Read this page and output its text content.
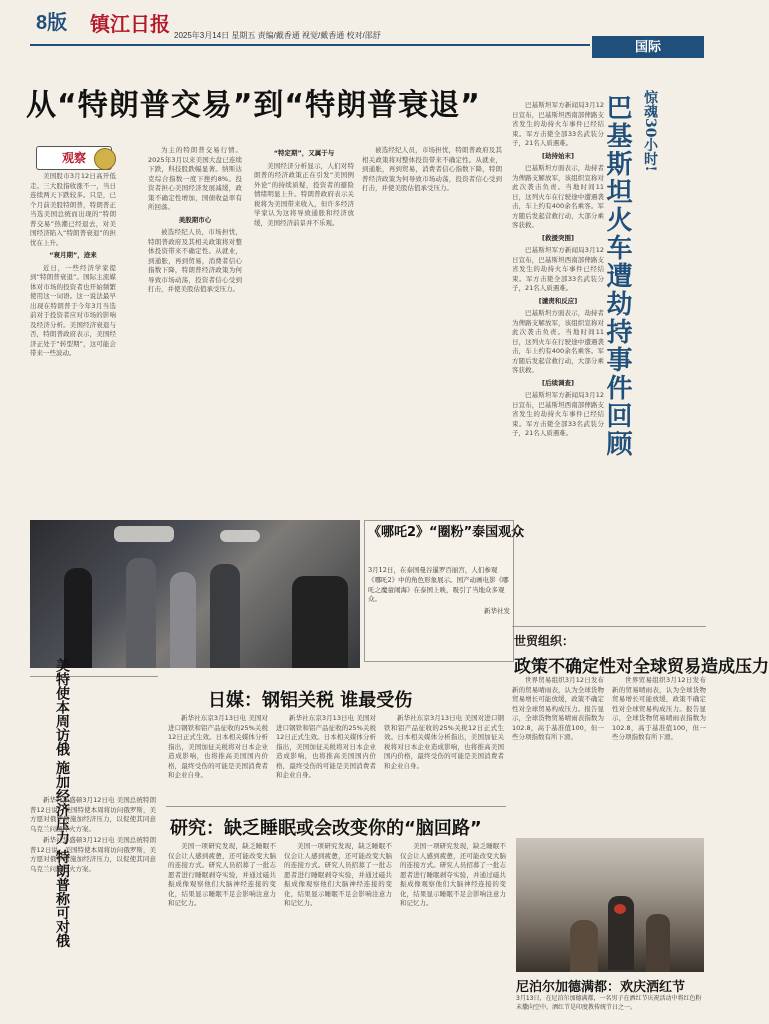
8版 镇江日报 2025年3月14日 星期五 责编/戴香通 视觉/戴香通 校对/邵舒
国际
从“特朗普交易”到“特朗普衰退”
观察

美国股市3月12日高开低走。三大股指收涨不一，当日连续两天下跌较多。只是，已个月前美股特朗普，特朗普正当选美国总统而出现的“特朗普交易”热潮已经退去，对美国经济陷入“特朗普衰退”的担忧在上升。

“衰月期”，迹来

近日，一些经济学家提到“特朗普衰退”。国际主流媒体对市场的投资者也开始频繁使用这一词语。这一说法最早出现在特朗普于今年3月当选前对于投资者应对市场的影响及经济分析。美国经济衰退与否，特朗普政府表示，美国经济正处于“转型期”，这可能会带来一些波动。

为主的特朗普交易行情。2025年3月以来美国大盘已连续下跌，科技股跌幅显著。纳斯达克综合指数一度下挫约8%。投资者担心美国经济发展减缓，政策不确定性增加，国债收益率有所回落。

美股期市心

被选经纪人员，市场担忧，特朗普政府及其相关政策将对整体投资带来不确定性。从就业，到通胀，再到贸易，消费者信心指数下降，特朗普经济政策为何导致市场动荡，投资者信心受到打击，并使美股估值承受压力。

“特定期”，又属于与

美国经济分析显示，人们对特朗普的经济政策正在引发“美国例外论”的持续质疑，投资者的避险情绪明显上升。特朗普政府表示关税将为美国带来收入，但许多经济学家认为这将导致通胀和经济放缓，美国经济前景并不乐观。

被选经纪人员，市场担忧，特朗普政府及其相关政策将对整体投资带来不确定性。从就业，到通胀，再到贸易，消费者信心指数下降，特朗普经济政策为何导致市场动荡，投资者信心受到打击，并使美股估值承受压力。

《哪吒2》“圈粉”泰国观众
3月12日，在泰国曼谷暹罗百丽宫，人们参观《哪吒2》中的角色形象展示。国产动画电影《哪吒之魔童闹海》在泰国上映，吸引了当地众多观众。
新华社发
巴基斯坦火车遭劫持事件回顾 惊魂30小时!

巴基斯坦军方新闻局3月12日宣布，巴基斯坦西南部俾路支省发生的劫持火车事件已经结束。军方击毙全部33名武装分子，21名人质遇难。

[劫持始末]

巴基斯坦方面表示，劫持者为俾路支解放军，该组织宣称对此次袭击负责。当地时间11日，这列火车在行驶途中遭遇袭击，车上约有400余名乘客。军方随后发起营救行动，大部分乘客获救。

[救援突围]

巴基斯坦军方新闻局3月12日宣布，巴基斯坦西南部俾路支省发生的劫持火车事件已经结束。军方击毙全部33名武装分子，21名人质遇难。

[谴责和反应]

巴基斯坦方面表示，劫持者为俾路支解放军，该组织宣称对此次袭击负责。当地时间11日，这列火车在行驶途中遭遇袭击，车上约有400余名乘客。军方随后发起营救行动，大部分乘客获救。

[后续调查]

巴基斯坦军方新闻局3月12日宣布，巴基斯坦西南部俾路支省发生的劫持火车事件已经结束。军方击毙全部33名武装分子，21名人质遇难。

世贸组织：
政策不确定性对全球贸易造成压力

世界贸易组织3月12日发布新的贸易晴雨表，认为全球货物贸易增长可能放缓，政策不确定性对全球贸易构成压力。报告显示，全球货物贸易晴雨表指数为102.8，高于基准值100，但一些分项指数有所下滑。

世界贸易组织3月12日发布新的贸易晴雨表，认为全球货物贸易增长可能放缓，政策不确定性对全球贸易构成压力。报告显示，全球货物贸易晴雨表指数为102.8，高于基准值100，但一些分项指数有所下滑。

美特使本周访俄 施加经济压力 特朗普称可对俄

新华社华盛顿3月12日电 美国总统特朗普12日说，美国特使本周将访问俄罗斯，美方愿对俄罗斯施加经济压力，以促使其同意乌克兰问题停火方案。

新华社华盛顿3月12日电 美国总统特朗普12日说，美国特使本周将访问俄罗斯，美方愿对俄罗斯施加经济压力，以促使其同意乌克兰问题停火方案。

日媒：钢铝关税 谁最受伤

新华社东京3月13日电 美国对进口钢铁和铝产品征收的25%关税12日正式生效。日本相关媒体分析指出，美国加征关税将对日本企业造成影响，也将推高美国国内价格，最终受伤的可能是美国消费者和企业自身。

新华社东京3月13日电 美国对进口钢铁和铝产品征收的25%关税12日正式生效。日本相关媒体分析指出，美国加征关税将对日本企业造成影响，也将推高美国国内价格，最终受伤的可能是美国消费者和企业自身。

新华社东京3月13日电 美国对进口钢铁和铝产品征收的25%关税12日正式生效。日本相关媒体分析指出，美国加征关税将对日本企业造成影响，也将推高美国国内价格，最终受伤的可能是美国消费者和企业自身。

研究：缺乏睡眠或会改变你的“脑回路”

美国一项研究发现，缺乏睡眠不仅会让人感到疲惫，还可能改变大脑的连接方式。研究人员招募了一批志愿者进行睡眠剥夺实验，并通过磁共振成像观察他们大脑神经连接的变化，结果显示睡眠不足会影响注意力和记忆力。

美国一项研究发现，缺乏睡眠不仅会让人感到疲惫，还可能改变大脑的连接方式。研究人员招募了一批志愿者进行睡眠剥夺实验，并通过磁共振成像观察他们大脑神经连接的变化，结果显示睡眠不足会影响注意力和记忆力。

美国一项研究发现，缺乏睡眠不仅会让人感到疲惫，还可能改变大脑的连接方式。研究人员招募了一批志愿者进行睡眠剥夺实验，并通过磁共振成像观察他们大脑神经连接的变化，结果显示睡眠不足会影响注意力和记忆力。

尼泊尔加德满都：欢庆洒红节
3月13日，在尼泊尔加德满都，一名男子在洒红节庆祝活动中将红色粉末撒向空中。洒红节是印度教传统节日之一。
